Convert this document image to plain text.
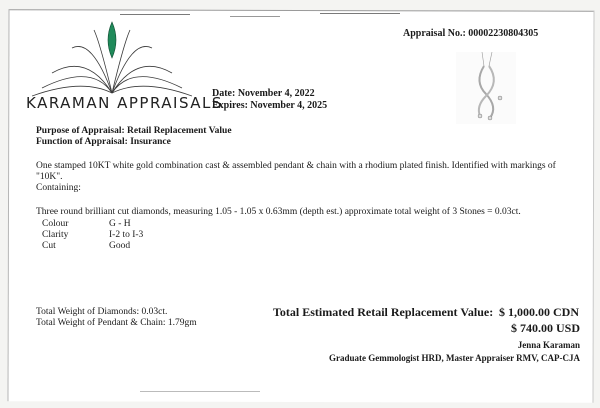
KARAMAN APPRAISALS
Date: November 4, 2022
Expires: November 4, 2025
Appraisal No.: 00002230804305
Purpose of Appraisal: Retail Replacement Value
Function of Appraisal: Insurance
One stamped 10KT white gold combination cast & assembled pendant & chain with a rhodium plated finish. Identified with markings of "10K".
Containing:
Three round brilliant cut diamonds, measuring 1.05 - 1.05 x 0.63mm (depth est.) approximate total weight of 3 Stones = 0.03ct.
Colour	G - H
Clarity	I-2 to I-3
Cut	Good
Total Weight of Diamonds: 0.03ct.
Total Weight of Pendant & Chain: 1.79gm
Total Estimated Retail Replacement Value: $ 1,000.00 CDN
$ 740.00 USD
Jenna Karaman
Graduate Gemmologist HRD, Master Appraiser RMV, CAP-CJA
